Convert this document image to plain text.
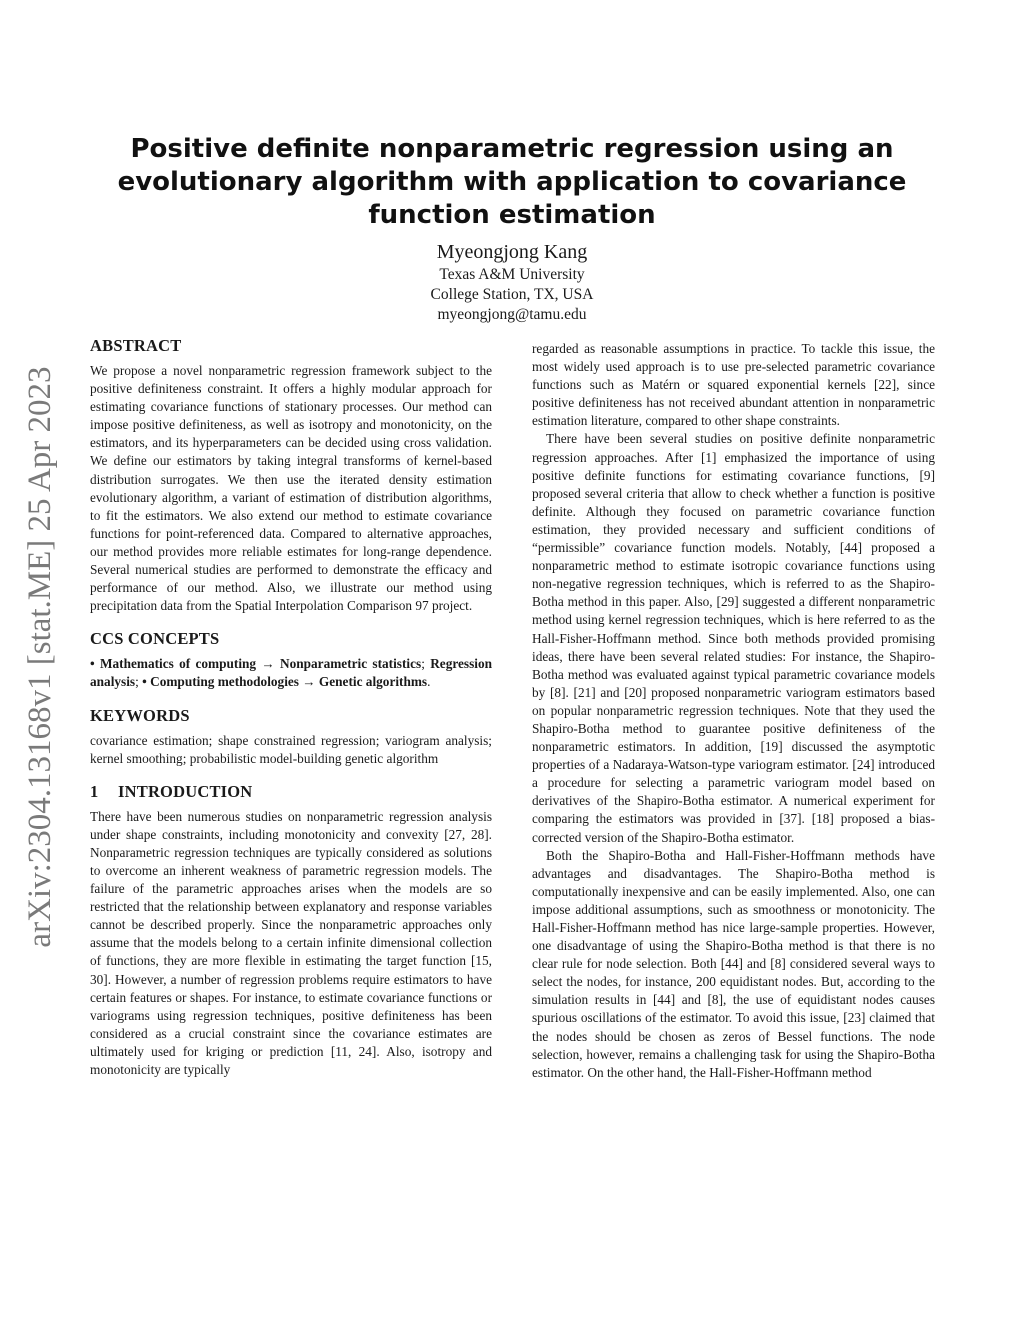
Positive definite nonparametric regression using an evolutionary algorithm with application to covariance function estimation
Myeongjong Kang
Texas A&M University
College Station, TX, USA
myeongjong@tamu.edu
arXiv:2304.13168v1 [stat.ME] 25 Apr 2023
ABSTRACT

We propose a novel nonparametric regression framework subject to the positive definiteness constraint. It offers a highly modular approach for estimating covariance functions of stationary processes. Our method can impose positive definiteness, as well as isotropy and monotonicity, on the estimators, and its hyperparameters can be decided using cross validation. We define our estimators by taking integral transforms of kernel-based distribution surrogates. We then use the iterated density estimation evolutionary algorithm, a variant of estimation of distribution algorithms, to fit the estimators. We also extend our method to estimate covariance functions for point-referenced data. Compared to alternative approaches, our method provides more reliable estimates for long-range dependence. Several numerical studies are performed to demonstrate the efficacy and performance of our method. Also, we illustrate our method using precipitation data from the Spatial Interpolation Comparison 97 project.

CCS CONCEPTS

• Mathematics of computing → Nonparametric statistics; Regression analysis; • Computing methodologies → Genetic algorithms.

KEYWORDS

covariance estimation; shape constrained regression; variogram analysis; kernel smoothing; probabilistic model-building genetic algorithm

1 INTRODUCTION

There have been numerous studies on nonparametric regression analysis under shape constraints, including monotonicity and convexity [27, 28]. Nonparametric regression techniques are typically considered as solutions to overcome an inherent weakness of parametric regression models. The failure of the parametric approaches arises when the models are so restricted that the relationship between explanatory and response variables cannot be described properly. Since the nonparametric approaches only assume that the models belong to a certain infinite dimensional collection of functions, they are more flexible in estimating the target function [15, 30]. However, a number of regression problems require estimators to have certain features or shapes. For instance, to estimate covariance functions or variograms using regression techniques, positive definiteness has been considered as a crucial constraint since the covariance estimates are ultimately used for kriging or prediction [11, 24]. Also, isotropy and monotonicity are typically

regarded as reasonable assumptions in practice. To tackle this issue, the most widely used approach is to use pre-selected parametric covariance functions such as Matérn or squared exponential kernels [22], since positive definiteness has not received abundant attention in nonparametric estimation literature, compared to other shape constraints.

There have been several studies on positive definite nonparametric regression approaches. After [1] emphasized the importance of using positive definite functions for estimating covariance functions, [9] proposed several criteria that allow to check whether a function is positive definite. Although they focused on parametric covariance function estimation, they provided necessary and sufficient conditions of “permissible” covariance function models. Notably, [44] proposed a nonparametric method to estimate isotropic covariance functions using non-negative regression techniques, which is referred to as the Shapiro-Botha method in this paper. Also, [29] suggested a different nonparametric method using kernel regression techniques, which is here referred to as the Hall-Fisher-Hoffmann method. Since both methods provided promising ideas, there have been several related studies: For instance, the Shapiro-Botha method was evaluated against typical parametric covariance models by [8]. [21] and [20] proposed nonparametric variogram estimators based on popular nonparametric regression techniques. Note that they used the Shapiro-Botha method to guarantee positive definiteness of the nonparametric estimators. In addition, [19] discussed the asymptotic properties of a Nadaraya-Watson-type variogram estimator. [24] introduced a procedure for selecting a parametric variogram model based on derivatives of the Shapiro-Botha estimator. A numerical experiment for comparing the estimators was provided in [37]. [18] proposed a bias-corrected version of the Shapiro-Botha estimator.

Both the Shapiro-Botha and Hall-Fisher-Hoffmann methods have advantages and disadvantages. The Shapiro-Botha method is computationally inexpensive and can be easily implemented. Also, one can impose additional assumptions, such as smoothness or monotonicity. The Hall-Fisher-Hoffmann method has nice large-sample properties. However, one disadvantage of using the Shapiro-Botha method is that there is no clear rule for node selection. Both [44] and [8] considered several ways to select the nodes, for instance, 200 equidistant nodes. But, according to the simulation results in [44] and [8], the use of equidistant nodes causes spurious oscillations of the estimator. To avoid this issue, [23] claimed that the nodes should be chosen as zeros of Bessel functions. The node selection, however, remains a challenging task for using the Shapiro-Botha estimator. On the other hand, the Hall-Fisher-Hoffmann method
